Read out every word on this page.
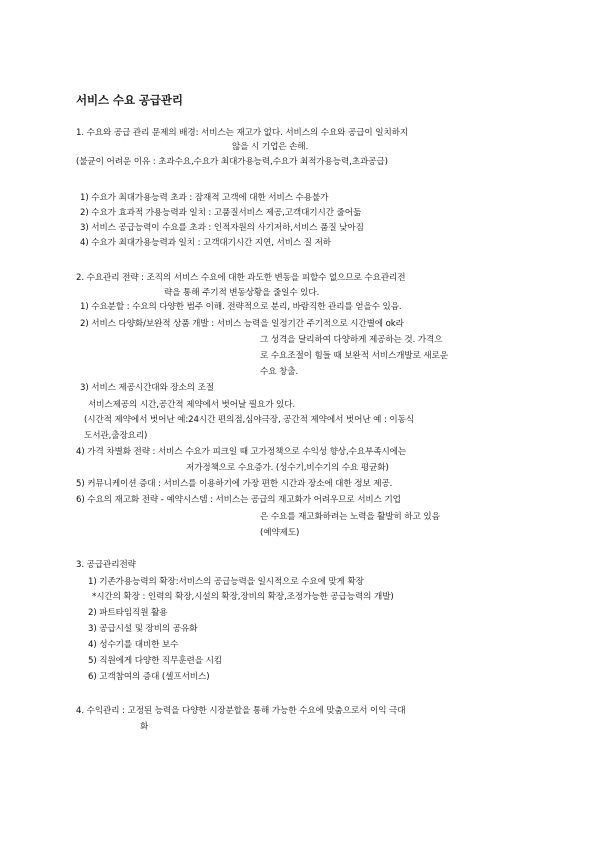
서비스 수요 공급관리
1. 수요와 공급 관리 문제의 배경: 서비스는 재고가 없다. 서비스의 수요와 공급이 일치하지
않을 시 기업은 손해.
(불균이 어려운 이유 : 초과수요,수요가 최대가용능력,수요가 최적가용능력,초과공급)
1) 수요가 최대가용능력 초과 : 잠재적 고객에 대한 서비스 수용불가
2) 수요가 효과적 가용능력과 일치 : 고품질서비스 제공,고객대기시간 줄어듦
3) 서비스 공급능력이 수요를 초과 : 인적자원의 사기저하,서비스 품질 낮아짐
4) 수요가 최대가용능력과 일치 : 고객대기시간 지연, 서비스 질 저하
2. 수요관리 전략 : 조직의 서비스 수요에 대한 과도한 변동을 피할수 없으므로 수요관리전
략을 통해 주기적 변동상황을 줄일수 있다.
1) 수요분할 : 수요의 다양한 범주 이해. 전략적으로 분리, 바람직한 관리를 얻을수 있음.
2) 서비스 다양화/보완적 상품 개발 : 서비스 능력을 일정기간 주기적으로 시간별에 ok라
그 성격을 달리하여 다양하게 제공하는 것. 가격으
로 수요조절이 힘들 때 보완적 서비스개발로 새로운
수요 창출.
3) 서비스 제공시간대와 장소의 조절
서비스제공의 시간,공간적 제약에서 벗어날 필요가 있다.
(시간적 제약에서 벗어난 예:24시간 편의점,심야극장, 공간적 제약에서 벗어난 예 : 이동식
도서관,출장요리)
4) 가격 차별화 전략 : 서비스 수요가 피크일 때 고가정책으로 수익성 향상,수요부족시에는
저가정책으로 수요증가. (성수기,비수기의 수요 평균화)
5) 커뮤니케이션 증대 : 서비스를 이용하기에 가장 편한 시간과 장소에 대한 정보 제공.
6) 수요의 재고화 전략 - 예약시스템 : 서비스는 공급의 재고화가 어려우므로 서비스 기업
은 수요를 재고화하려는 노력을 활발히 하고 있음
(예약제도)
3. 공급관리전략
1) 기존가용능력의 확장:서비스의 공급능력을 일시적으로 수요에 맞게 확장
*시간의 확장 : 인력의 확장,시설의 확장,장비의 확장,조정가능한 공급능력의 개발)
2) 파트타임직원 활용
3) 공급시설 및 장비의 공유화
4) 성수기를 대비한 보수
5) 직원에게 다양한 직무훈련을 시킴
6) 고객참여의 증대 (셀프서비스)
4. 수익관리 : 고정된 능력을 다양한 시장분할을 통해 가능한 수요에 맞춤으로서 이익 극대
화
